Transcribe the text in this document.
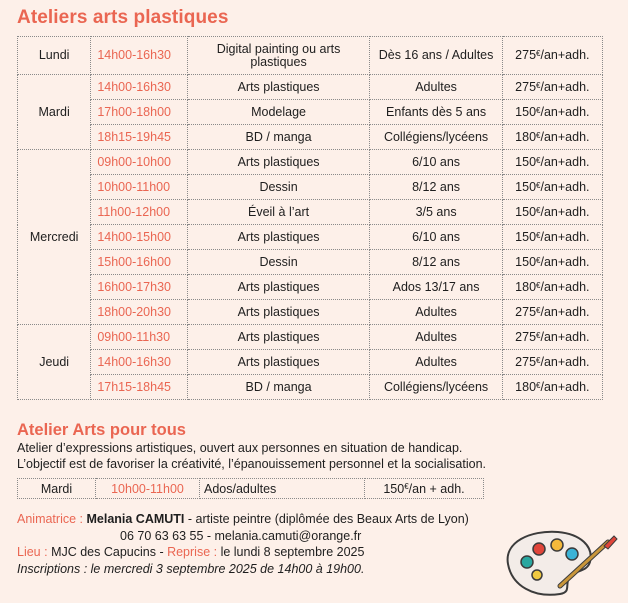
Ateliers arts plastiques
Lundi	14h00-16h30	Digital painting ou arts plastiques	Dès 16 ans / Adultes	275€/an+adh.
Mardi	14h00-16h30	Arts plastiques	Adultes	275€/an+adh.
	17h00-18h00	Modelage	Enfants dès 5 ans	150€/an+adh.
	18h15-19h45	BD / manga	Collégiens/lycéens	180€/an+adh.
Mercredi	09h00-10h00	Arts plastiques	6/10 ans	150€/an+adh.
	10h00-11h00	Dessin	8/12 ans	150€/an+adh.
	11h00-12h00	Éveil à l’art	3/5 ans	150€/an+adh.
	14h00-15h00	Arts plastiques	6/10 ans	150€/an+adh.
	15h00-16h00	Dessin	8/12 ans	150€/an+adh.
	16h00-17h30	Arts plastiques	Ados 13/17 ans	180€/an+adh.
	18h00-20h30	Arts plastiques	Adultes	275€/an+adh.
Jeudi	09h00-11h30	Arts plastiques	Adultes	275€/an+adh.
	14h00-16h30	Arts plastiques	Adultes	275€/an+adh.
	17h15-18h45	BD / manga	Collégiens/lycéens	180€/an+adh.
Atelier Arts pour tous
Atelier d’expressions artistiques, ouvert aux personnes en situation de handicap.
L’objectif est de favoriser la créativité, l’épanouissement personnel et la socialisation.
Mardi	10h00-11h00	Ados/adultes	150€/an + adh.
Animatrice : Melania CAMUTI - artiste peintre (diplômée des Beaux Arts de Lyon)
06 70 63 63 55 - melania.camuti@orange.fr
Lieu : MJC des Capucins - Reprise : le lundi 8 septembre 2025
Inscriptions : le mercredi 3 septembre 2025 de 14h00 à 19h00.
